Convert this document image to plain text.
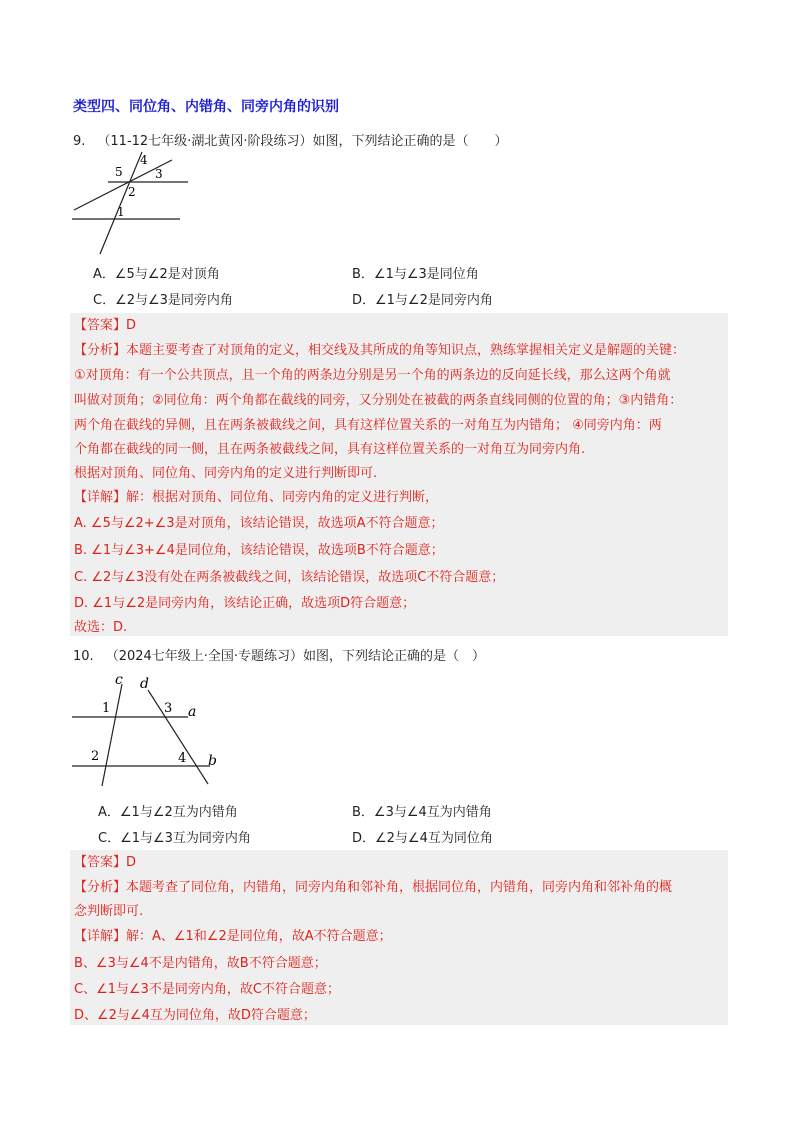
类型四、同位角、内错角、同旁内角的识别
9. （11-12七年级·湖北黄冈·阶段练习）如图，下列结论正确的是（　　）
4
5	3
2
1
A．∠5与∠2是对顶角	B．∠1与∠3是同位角
C．∠2与∠3是同旁内角	D．∠1与∠2是同旁内角
【答案】D
【分析】本题主要考查了对顶角的定义，相交线及其所成的角等知识点，熟练掌握相关定义是解题的关键：
①对顶角：有一个公共顶点，且一个角的两条边分别是另一个角的两条边的反向延长线，那么这两个角就
叫做对顶角；②同位角：两个角都在截线的同旁，又分别处在被截的两条直线同侧的位置的角；③内错角：
两个角在截线的异侧，且在两条被截线之间，具有这样位置关系的一对角互为内错角； ④同旁内角：两
个角都在截线的同一侧，且在两条被截线之间，具有这样位置关系的一对角互为同旁内角.
根据对顶角、同位角、同旁内角的定义进行判断即可.
【详解】解：根据对顶角、同位角、同旁内角的定义进行判断，
A. ∠5与∠2+∠3是对顶角，该结论错误，故选项A不符合题意；
B. ∠1与∠3+∠4是同位角，该结论错误，故选项B不符合题意；
C. ∠2与∠3没有处在两条被截线之间，该结论错误，故选项C不符合题意；
D. ∠1与∠2是同旁内角，该结论正确，故选项D符合题意；
故选：D.
10. （2024七年级上·全国·专题练习）如图，下列结论正确的是（　）
c d
a
b
1	3
2	4
A．∠1与∠2互为内错角	B．∠3与∠4互为内错角
C．∠1与∠3互为同旁内角	D．∠2与∠4互为同位角
【答案】D
【分析】本题考查了同位角，内错角，同旁内角和邻补角，根据同位角，内错角，同旁内角和邻补角的概
念判断即可.
【详解】解：A、∠1和∠2是同位角，故A不符合题意；
B、∠3与∠4不是内错角，故B不符合题意；
C、∠1与∠3不是同旁内角，故C不符合题意；
D、∠2与∠4互为同位角，故D符合题意；
